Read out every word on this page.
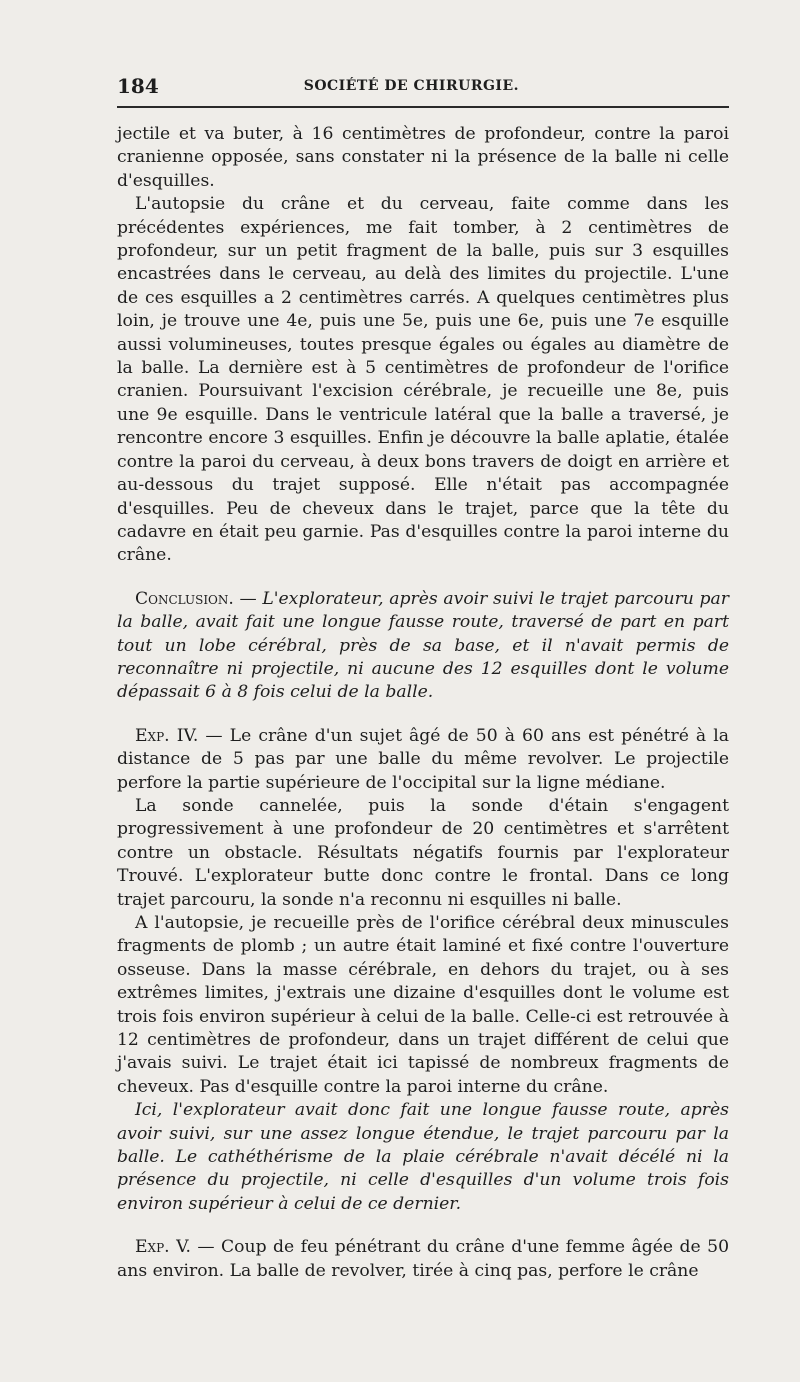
184	SOCIÉTÉ DE CHIRURGIE.

jectile et va buter, à 16 centimètres de profondeur, contre la paroi cranienne opposée, sans constater ni la présence de la balle ni celle d'esquilles.

L'autopsie du crâne et du cerveau, faite comme dans les précédentes expériences, me fait tomber, à 2 centimètres de profondeur, sur un petit fragment de la balle, puis sur 3 esquilles encastrées dans le cerveau, au delà des limites du projectile. L'une de ces esquilles a 2 centimètres carrés. A quelques centimètres plus loin, je trouve une 4e, puis une 5e, puis une 6e, puis une 7e esquille aussi volumineuses, toutes presque égales ou égales au diamètre de la balle. La dernière est à 5 centimètres de profondeur de l'orifice cranien. Poursuivant l'excision cérébrale, je recueille une 8e, puis une 9e esquille. Dans le ventricule latéral que la balle a traversé, je rencontre encore 3 esquilles. Enfin je découvre la balle aplatie, étalée contre la paroi du cerveau, à deux bons travers de doigt en arrière et au-dessous du trajet supposé. Elle n'était pas accompagnée d'esquilles. Peu de cheveux dans le trajet, parce que la tête du cadavre en était peu garnie. Pas d'esquilles contre la paroi interne du crâne.

Conclusion. — L'explorateur, après avoir suivi le trajet parcouru par la balle, avait fait une longue fausse route, traversé de part en part tout un lobe cérébral, près de sa base, et il n'avait permis de reconnaître ni projectile, ni aucune des 12 esquilles dont le volume dépassait 6 à 8 fois celui de la balle.

Exp. IV. — Le crâne d'un sujet âgé de 50 à 60 ans est pénétré à la distance de 5 pas par une balle du même revolver. Le projectile perfore la partie supérieure de l'occipital sur la ligne médiane.

La sonde cannelée, puis la sonde d'étain s'engagent progressivement à une profondeur de 20 centimètres et s'arrêtent contre un obstacle. Résultats négatifs fournis par l'explorateur Trouvé. L'explorateur butte donc contre le frontal. Dans ce long trajet parcouru, la sonde n'a reconnu ni esquilles ni balle.

A l'autopsie, je recueille près de l'orifice cérébral deux minuscules fragments de plomb ; un autre était laminé et fixé contre l'ouverture osseuse. Dans la masse cérébrale, en dehors du trajet, ou à ses extrêmes limites, j'extrais une dizaine d'esquilles dont le volume est trois fois environ supérieur à celui de la balle. Celle-ci est retrouvée à 12 centimètres de profondeur, dans un trajet différent de celui que j'avais suivi. Le trajet était ici tapissé de nombreux fragments de cheveux. Pas d'esquille contre la paroi interne du crâne.

Ici, l'explorateur avait donc fait une longue fausse route, après avoir suivi, sur une assez longue étendue, le trajet parcouru par la balle. Le cathéthérisme de la plaie cérébrale n'avait décélé ni la présence du projectile, ni celle d'esquilles d'un volume trois fois environ supérieur à celui de ce dernier.

Exp. V. — Coup de feu pénétrant du crâne d'une femme âgée de 50 ans environ. La balle de revolver, tirée à cinq pas, perfore le crâne
